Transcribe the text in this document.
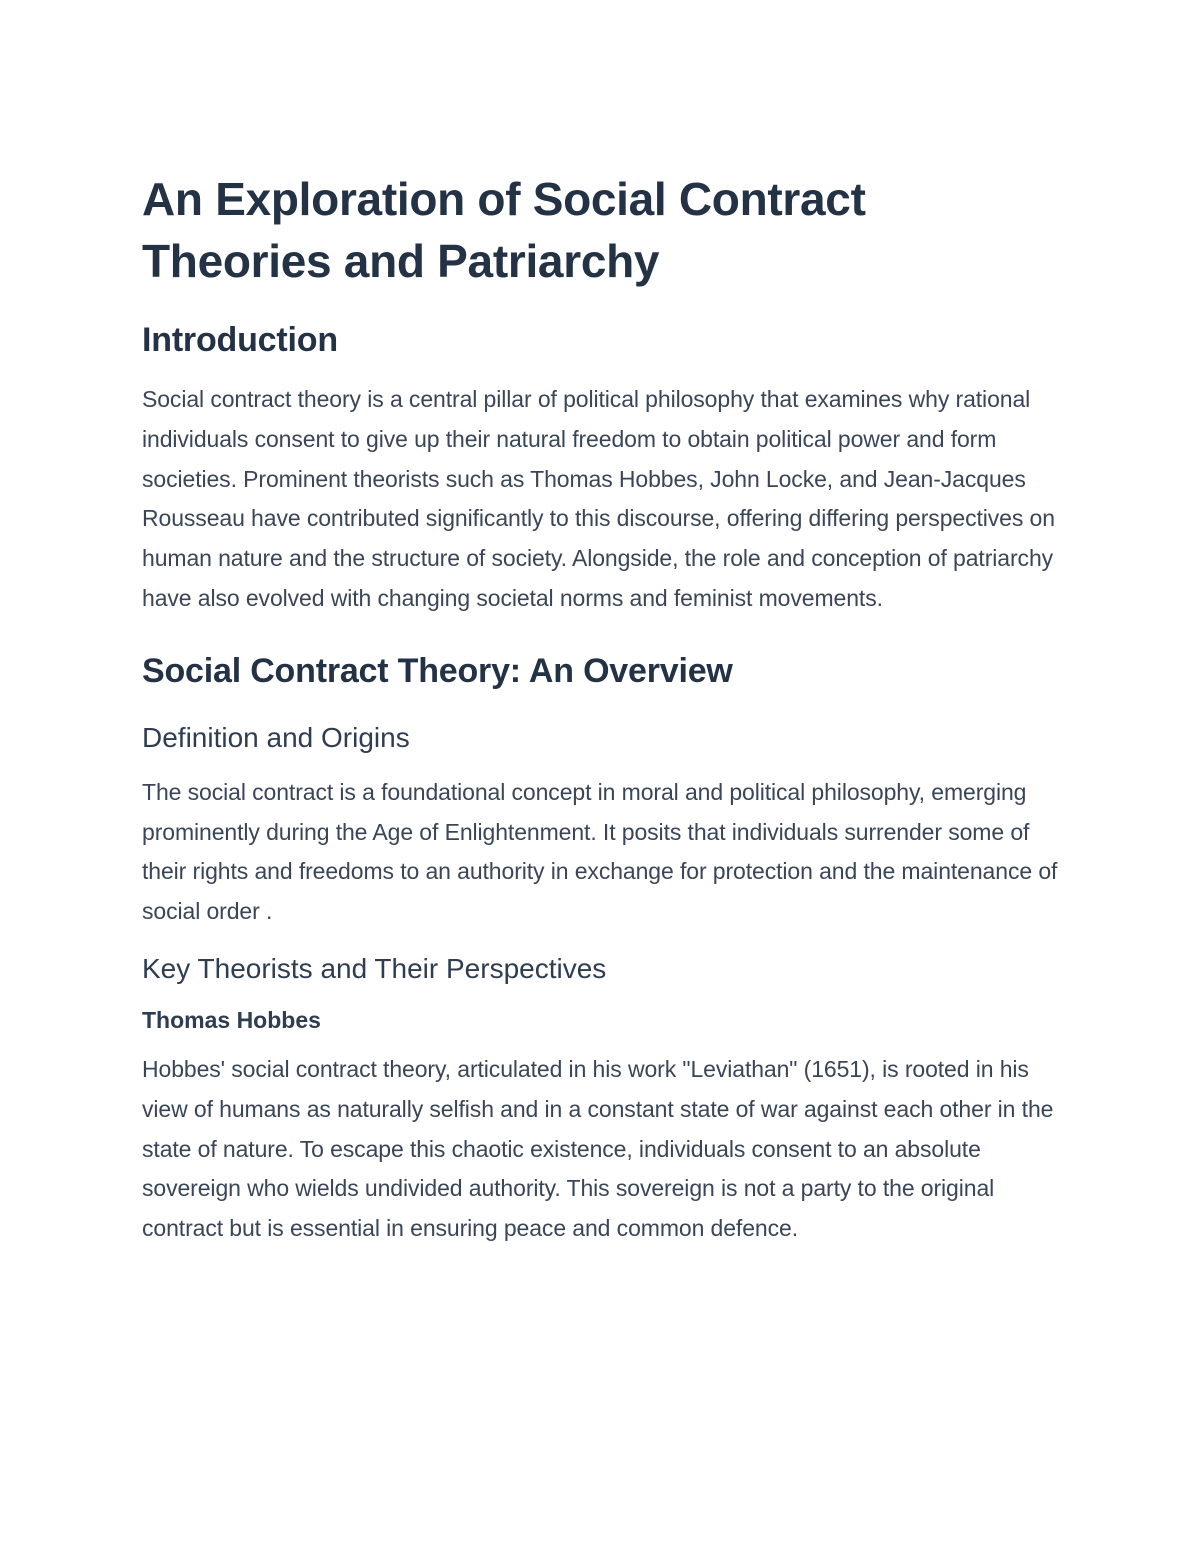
An Exploration of Social Contract Theories and Patriarchy
Introduction

Social contract theory is a central pillar of political philosophy that examines why rational individuals consent to give up their natural freedom to obtain political power and form societies. Prominent theorists such as Thomas Hobbes, John Locke, and Jean-Jacques Rousseau have contributed significantly to this discourse, offering differing perspectives on human nature and the structure of society. Alongside, the role and conception of patriarchy have also evolved with changing societal norms and feminist movements.

Social Contract Theory: An Overview
Definition and Origins

The social contract is a foundational concept in moral and political philosophy, emerging prominently during the Age of Enlightenment. It posits that individuals surrender some of their rights and freedoms to an authority in exchange for protection and the maintenance of social order .

Key Theorists and Their Perspectives
Thomas Hobbes

Hobbes' social contract theory, articulated in his work "Leviathan" (1651), is rooted in his view of humans as naturally selfish and in a constant state of war against each other in the state of nature. To escape this chaotic existence, individuals consent to an absolute sovereign who wields undivided authority. This sovereign is not a party to the original contract but is essential in ensuring peace and common defence.
